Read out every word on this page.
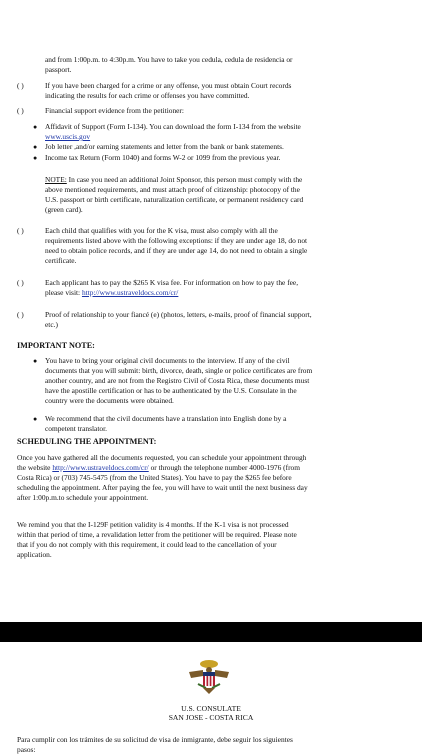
and from 1:00p.m. to 4:30p.m. You have to take you cedula, cedula de residencia or
passport.
( )	If you have been charged for a crime or any offense, you must obtain Court records
indicating the results for each crime or offenses you have committed.
( )	Financial support evidence from the petitioner:
● Affidavit of Support (Form I-134). You can download the form I-134 from the website
www.uscis.gov
● Job letter ,and/or earning statements and letter from the bank or bank statements.
● Income tax Return (Form 1040) and forms W-2 or 1099 from the previous year.
NOTE: In case you need an additional Joint Sponsor, this person must comply with the
above mentioned requirements, and must attach proof of citizenship: photocopy of the
U.S. passport or birth certificate, naturalization certificate, or permanent residency card
(green card).
( )	Each child that qualifies with you for the K visa, must also comply with all the
requirements listed above with the following exceptions: if they are under age 18, do not
need to obtain police records, and if they are under age 14, do not need to obtain a single
certificate.
( )	Each applicant has to pay the $265 K visa fee. For information on how to pay the fee,
please visit: http://www.ustraveldocs.com/cr/
( )	Proof of relationship to your fiancé (e) (photos, letters, e-mails, proof of financial support,
etc.)
IMPORTANT NOTE:
● You have to bring your original civil documents to the interview. If any of the civil
documents that you will submit: birth, divorce, death, single or police certificates are from
another country, and are not from the Registro Civil of Costa Rica, these documents must
have the apostille certification or has to be authenticated by the U.S. Consulate in the
country were the documents were obtained.
● We recommend that the civil documents have a translation into English done by a
competent translator.
SCHEDULING THE APPOINTMENT:
Once you have gathered all the documents requested, you can schedule your appointment through
the website http://www.ustraveldocs.com/cr/ or through the telephone number 4000-1976 (from
Costa Rica) or (703) 745-5475 (from the United States). You have to pay the $265 fee before
scheduling the appointment. After paying the fee, you will have to wait until the next business day
after 1:00p.m.to schedule your appointment.
We remind you that the I-129F petition validity is 4 months. If the K-1 visa is not processed
within that period of time, a revalidation letter from the petitioner will be required. Please note
that if you do not comply with this requirement, it could lead to the cancellation of your
application.
U.S. CONSULATE
SAN JOSE - COSTA RICA
Para cumplir con los trámites de su solicitud de visa de inmigrante, debe seguir los siguientes
pasos:
